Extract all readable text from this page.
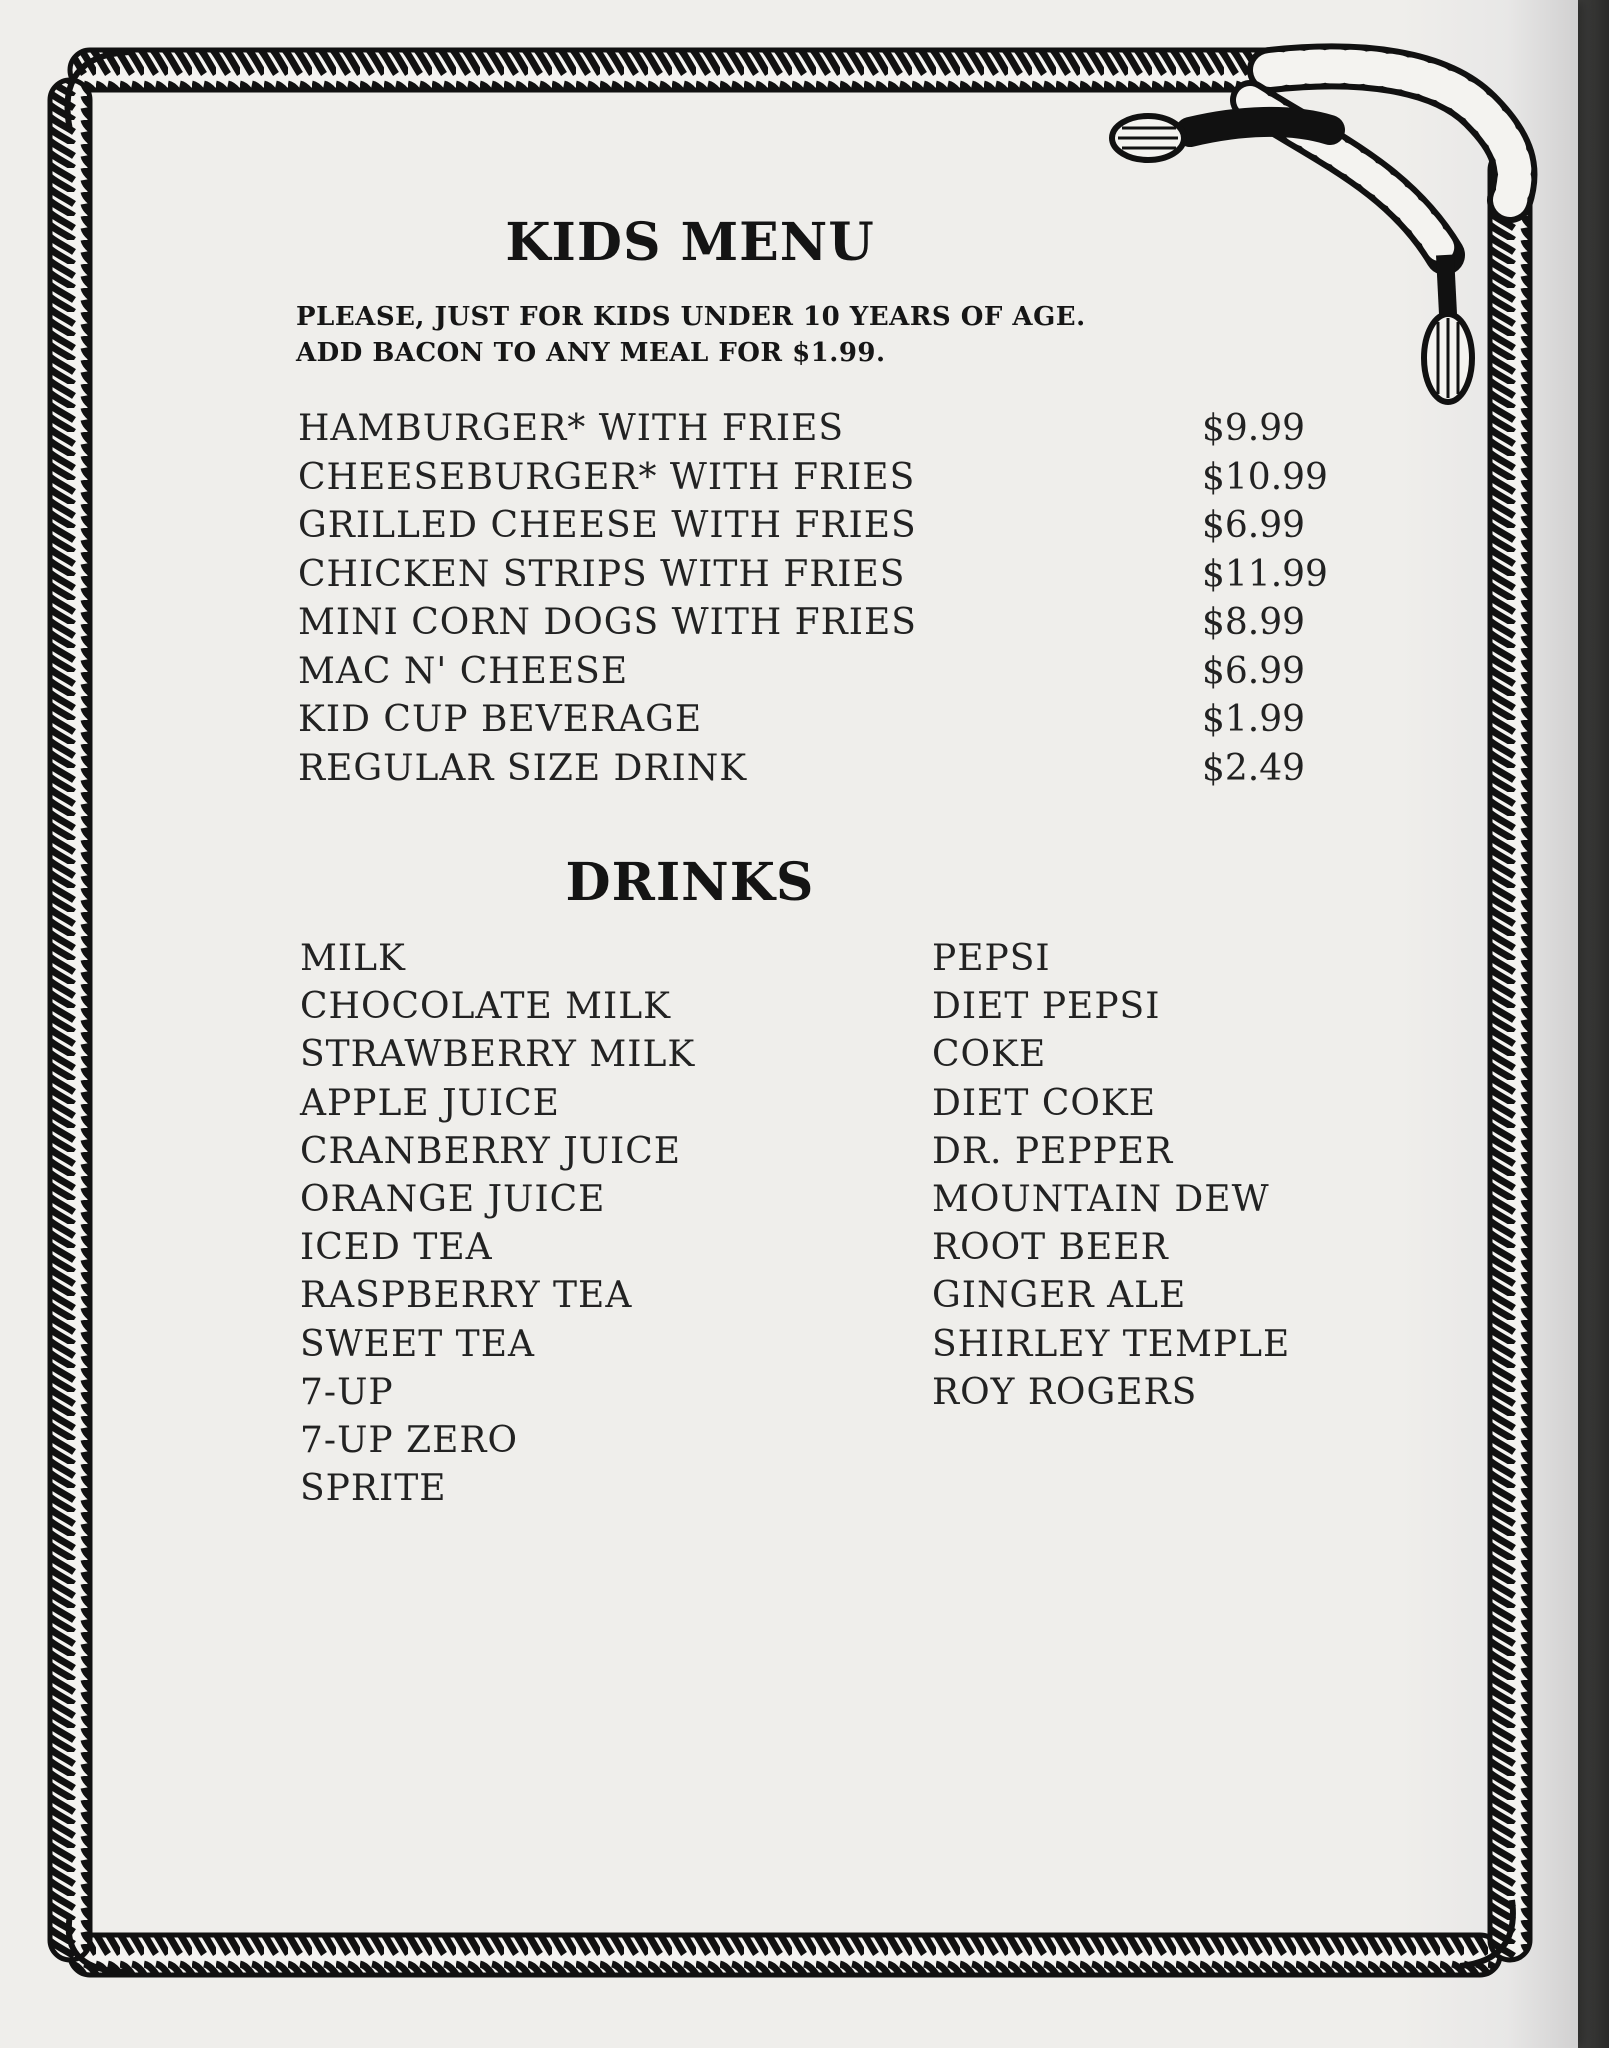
KIDS MENU
PLEASE, JUST FOR KIDS UNDER 10 YEARS OF AGE.
ADD BACON TO ANY MEAL FOR $1.99.
HAMBURGER* WITH FRIES	$9.99
CHEESEBURGER* WITH FRIES	$10.99
GRILLED CHEESE WITH FRIES	$6.99
CHICKEN STRIPS WITH FRIES	$11.99
MINI CORN DOGS WITH FRIES	$8.99
MAC N' CHEESE	$6.99
KID CUP BEVERAGE	$1.99
REGULAR SIZE DRINK	$2.49
DRINKS
MILK
CHOCOLATE MILK
STRAWBERRY MILK
APPLE JUICE
CRANBERRY JUICE
ORANGE JUICE
ICED TEA
RASPBERRY TEA
SWEET TEA
7-UP
7-UP ZERO
SPRITE
PEPSI
DIET PEPSI
COKE
DIET COKE
DR. PEPPER
MOUNTAIN DEW
ROOT BEER
GINGER ALE
SHIRLEY TEMPLE
ROY ROGERS
